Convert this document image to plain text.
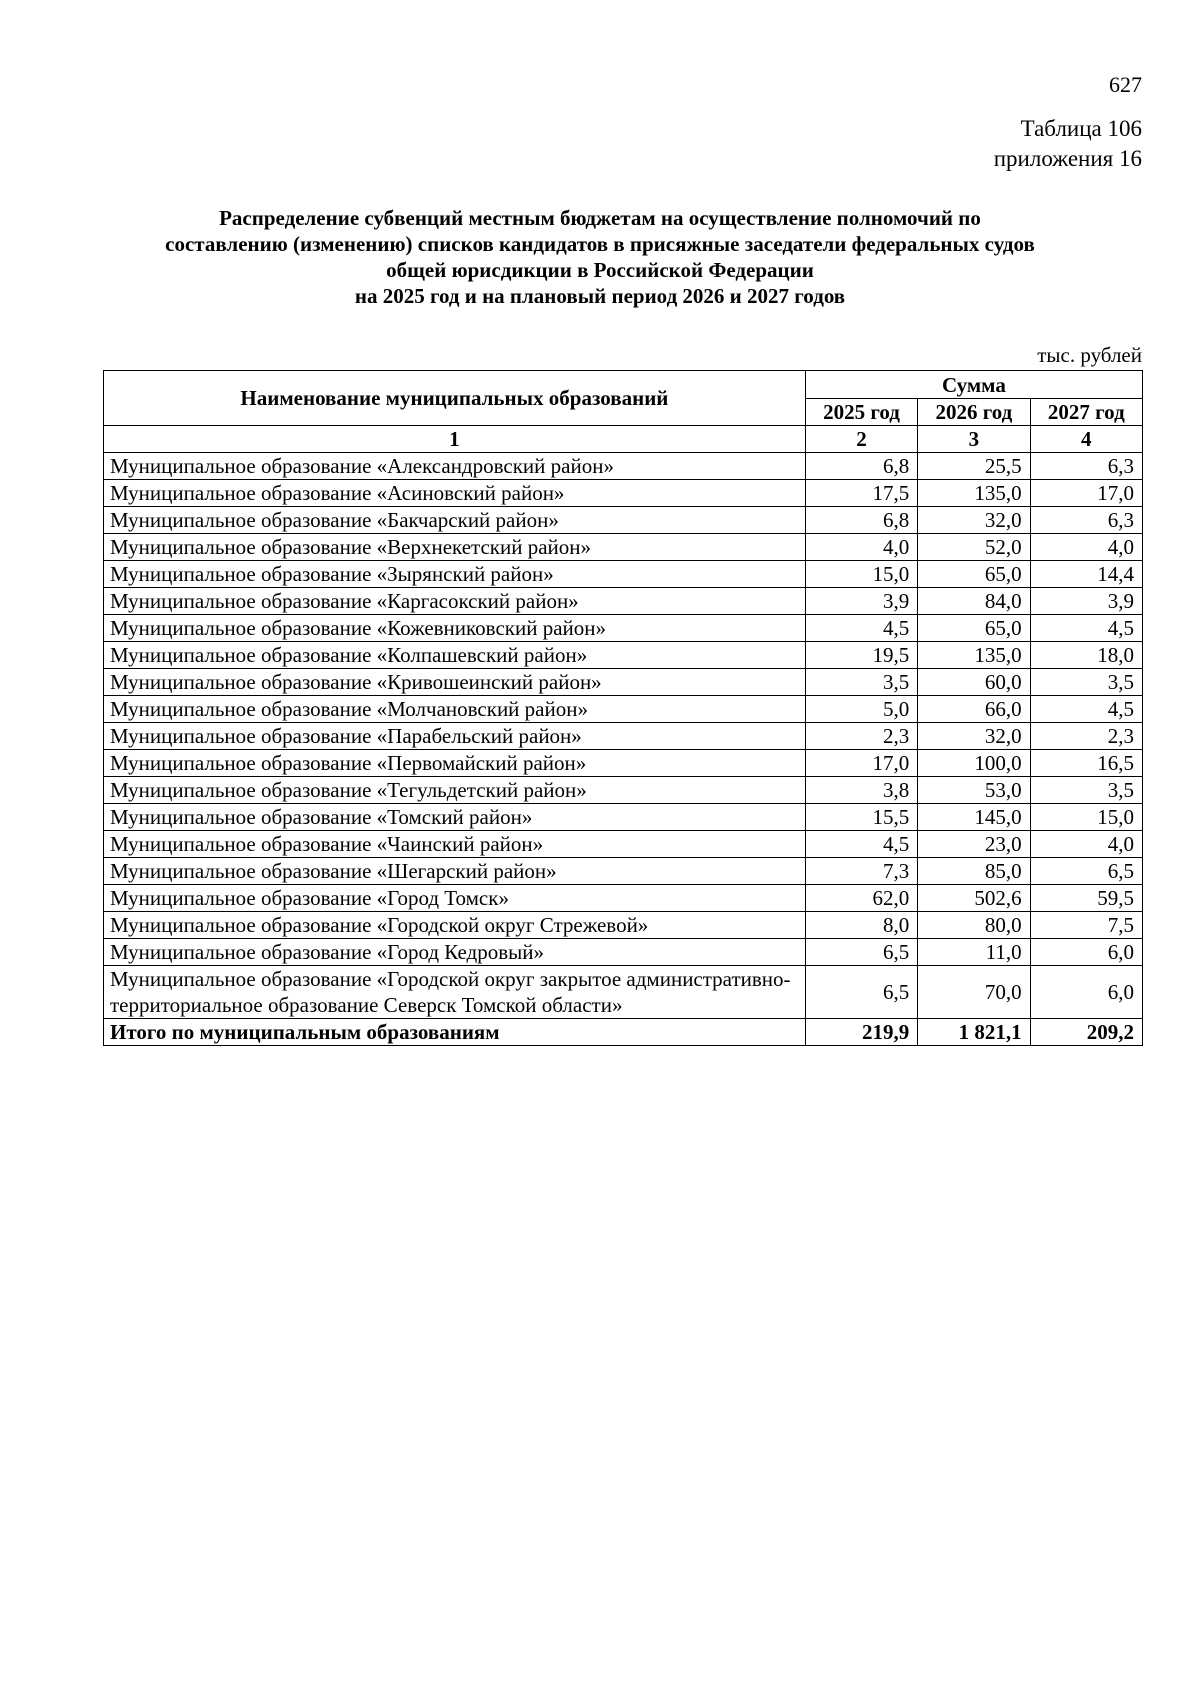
627
Таблица 106
приложения 16
Распределение субвенций местным бюджетам на осуществление полномочий по
составлению (изменению) списков кандидатов в присяжные заседатели федеральных судов
общей юрисдикции в Российской Федерации
на 2025 год и на плановый период 2026 и 2027 годов
тыс. рублей
Наименование муниципальных образований	Сумма		
	2025 год	2026 год	2027 год
1	2	3	4
Муниципальное образование «Александровский район»	6,8	25,5	6,3
Муниципальное образование «Асиновский район»	17,5	135,0	17,0
Муниципальное образование «Бакчарский район»	6,8	32,0	6,3
Муниципальное образование «Верхнекетский район»	4,0	52,0	4,0
Муниципальное образование «Зырянский район»	15,0	65,0	14,4
Муниципальное образование «Каргасокский район»	3,9	84,0	3,9
Муниципальное образование «Кожевниковский район»	4,5	65,0	4,5
Муниципальное образование «Колпашевский район»	19,5	135,0	18,0
Муниципальное образование «Кривошеинский район»	3,5	60,0	3,5
Муниципальное образование «Молчановский район»	5,0	66,0	4,5
Муниципальное образование «Парабельский район»	2,3	32,0	2,3
Муниципальное образование «Первомайский район»	17,0	100,0	16,5
Муниципальное образование «Тегульдетский район»	3,8	53,0	3,5
Муниципальное образование «Томский район»	15,5	145,0	15,0
Муниципальное образование «Чаинский район»	4,5	23,0	4,0
Муниципальное образование «Шегарский район»	7,3	85,0	6,5
Муниципальное образование «Город Томск»	62,0	502,6	59,5
Муниципальное образование «Городской округ Стрежевой»	8,0	80,0	7,5
Муниципальное образование «Город Кедровый»	6,5	11,0	6,0
Муниципальное образование «Городской округ закрытое административно-территориальное образование Северск Томской области»	6,5	70,0	6,0
Итого по муниципальным образованиям	219,9	1 821,1	209,2
